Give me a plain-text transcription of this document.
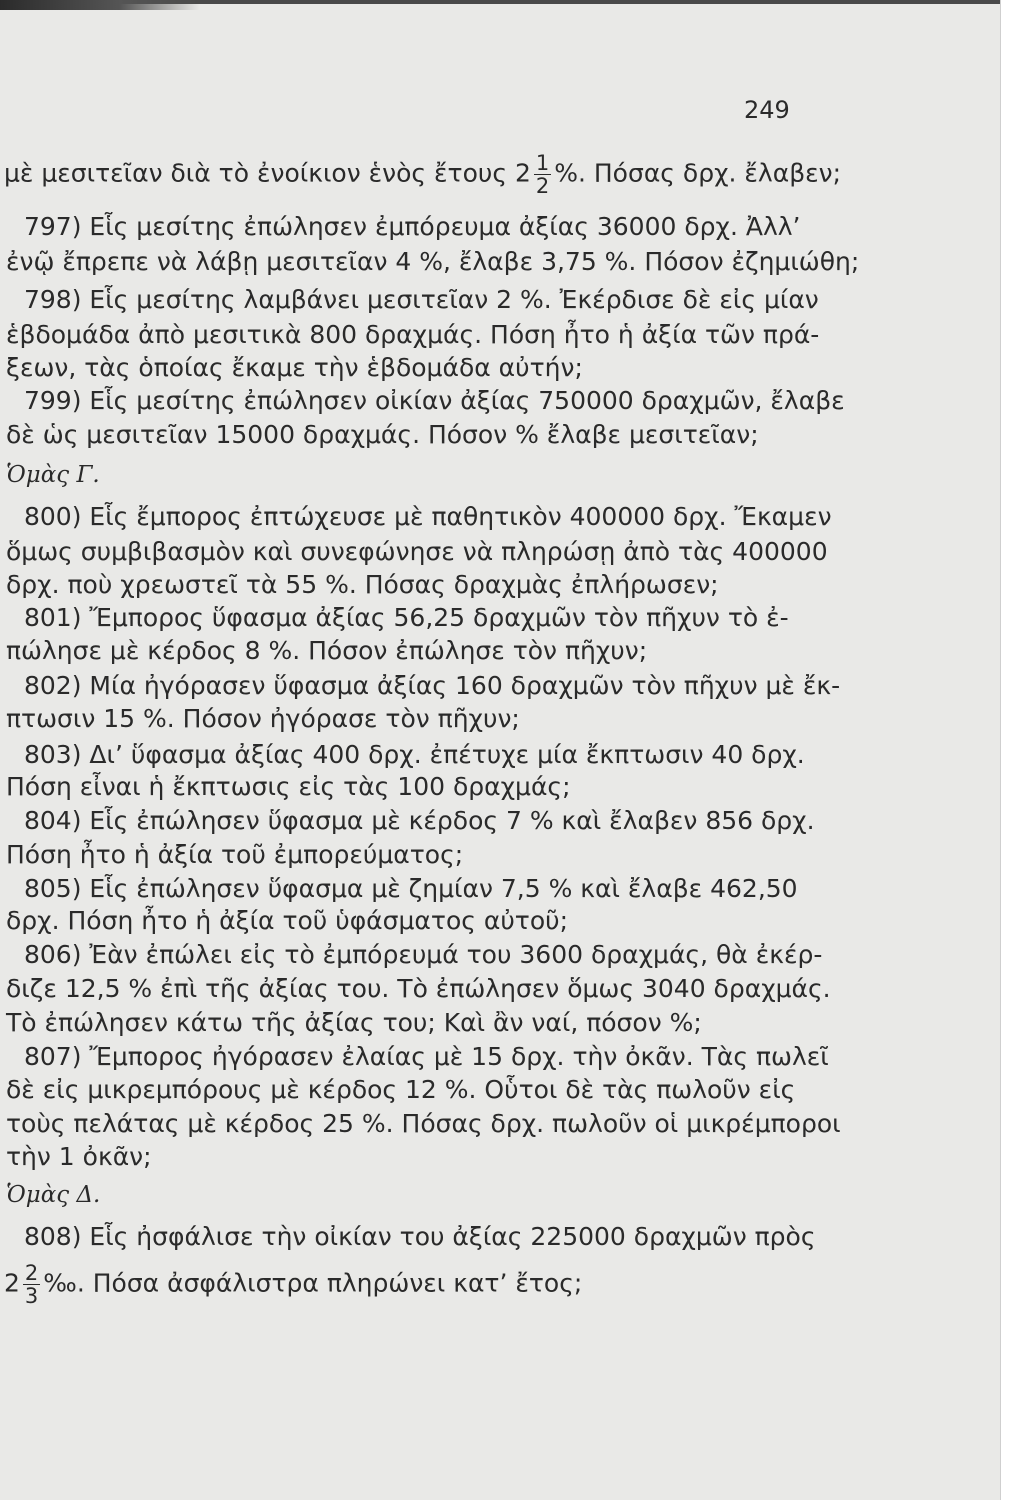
249
μὲ μεσιτεῖαν διὰ τὸ ἐνοίκιον ἑνὸς ἔτους $2 \frac{1}{2}$ %. Πόσας δρχ. ἔλαβεν;
797) Εἷς μεσίτης ἐπώλησεν ἐμπόρευμα ἀξίας 36000 δρχ. Ἀλλ’
ἐνῷ ἔπρεπε νὰ λάβῃ μεσιτεῖαν 4 %, ἔλαβε 3,75 %. Πόσον ἐζημιώθη;
798) Εἷς μεσίτης λαμβάνει μεσιτεῖαν 2 %. Ἐκέρδισε δὲ εἰς μίαν
ἑβδομάδα ἀπὸ μεσιτικὰ 800 δραχμάς. Πόση ἦτο ἡ ἀξία τῶν πρά-
ξεων, τὰς ὁποίας ἔκαμε τὴν ἑβδομάδα αὐτήν;
799) Εἷς μεσίτης ἐπώλησεν οἰκίαν ἀξίας 750000 δραχμῶν, ἔλαβε
δὲ ὡς μεσιτεῖαν 15000 δραχμάς. Πόσον % ἔλαβε μεσιτεῖαν;
Ὁμὰς Γ.
800) Εἷς ἔμπορος ἐπτώχευσε μὲ παθητικὸν 400000 δρχ. Ἔκαμεν
ὅμως συμβιβασμὸν καὶ συνεφώνησε νὰ πληρώσῃ ἀπὸ τὰς 400000
δρχ. ποὺ χρεωστεῖ τὰ 55 %. Πόσας δραχμὰς ἐπλήρωσεν;
801) Ἔμπορος ὕφασμα ἀξίας 56,25 δραχμῶν τὸν πῆχυν τὸ ἐ-
πώλησε μὲ κέρδος 8 %. Πόσον ἐπώλησε τὸν πῆχυν;
802) Μία ἠγόρασεν ὕφασμα ἀξίας 160 δραχμῶν τὸν πῆχυν μὲ ἔκ-
πτωσιν 15 %. Πόσον ἠγόρασε τὸν πῆχυν;
803) Δι’ ὕφασμα ἀξίας 400 δρχ. ἐπέτυχε μία ἔκπτωσιν 40 δρχ.
Πόση εἶναι ἡ ἔκπτωσις εἰς τὰς 100 δραχμάς;
804) Εἷς ἐπώλησεν ὕφασμα μὲ κέρδος 7 % καὶ ἔλαβεν 856 δρχ.
Πόση ἦτο ἡ ἀξία τοῦ ἐμπορεύματος;
805) Εἷς ἐπώλησεν ὕφασμα μὲ ζημίαν 7,5 % καὶ ἔλαβε 462,50
δρχ. Πόση ἦτο ἡ ἀξία τοῦ ὑφάσματος αὐτοῦ;
806) Ἐὰν ἐπώλει εἰς τὸ ἐμπόρευμά του 3600 δραχμάς, θὰ ἐκέρ-
διζε 12,5 % ἐπὶ τῆς ἀξίας του. Τὸ ἐπώλησεν ὅμως 3040 δραχμάς.
Τὸ ἐπώλησεν κάτω τῆς ἀξίας του; Καὶ ἂν ναί, πόσον %;
807) Ἔμπορος ἠγόρασεν ἐλαίας μὲ 15 δρχ. τὴν ὀκᾶν. Τὰς πωλεῖ
δὲ εἰς μικρεμπόρους μὲ κέρδος 12 %. Οὗτοι δὲ τὰς πωλοῦν εἰς
τοὺς πελάτας μὲ κέρδος 25 %. Πόσας δρχ. πωλοῦν οἱ μικρέμποροι
τὴν 1 ὀκᾶν;
Ὁμὰς Δ.
808) Εἷς ἠσφάλισε τὴν οἰκίαν του ἀξίας 225000 δραχμῶν πρὸς
$2 \frac{2}{3}$ ‰. Πόσα ἀσφάλιστρα πληρώνει κατ’ ἔτος;
